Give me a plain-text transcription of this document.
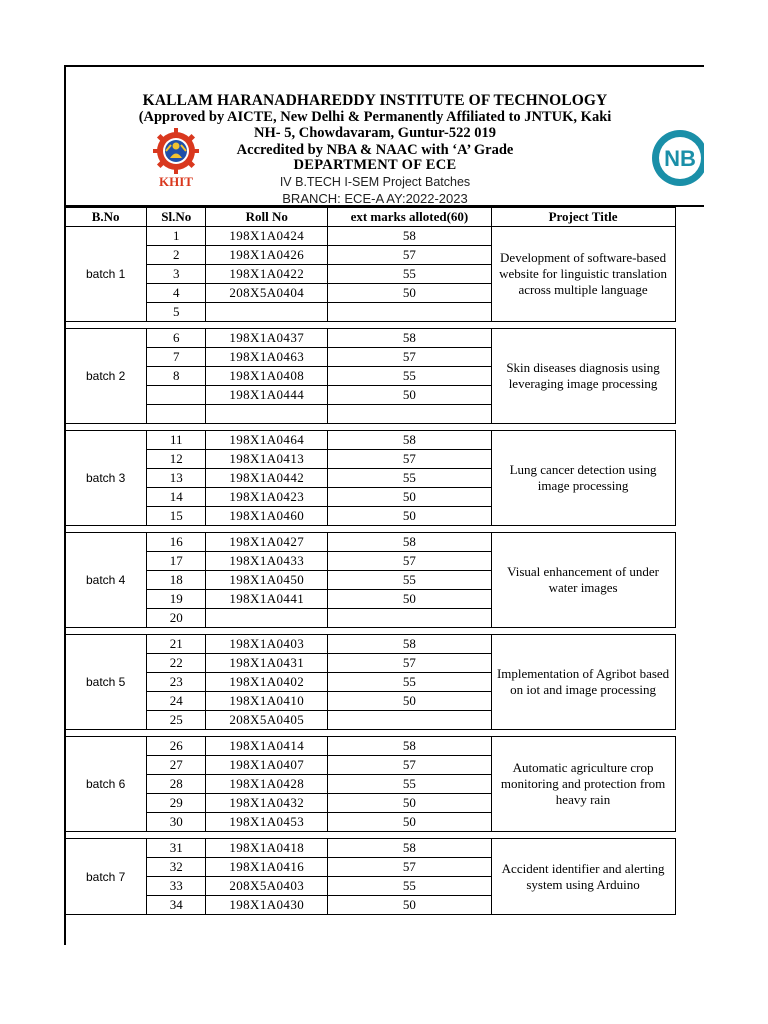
KALLAM HARANADHAREDDY INSTITUTE OF TECHNOLOGY
(Approved by AICTE, New Delhi & Permanently Affiliated to JNTUK, Kaki
NH- 5, Chowdavaram, Guntur-522 019
Accredited by NBA & NAAC with ‘A’ Grade
DEPARTMENT OF ECE
IV B.TECH I-SEM Project Batches
BRANCH: ECE-A AY:2022-2023
KHIT
NB
B.No	Sl.No	Roll No	ext marks alloted(60)	Project Title	
batch 1	1	198X1A0424	58	Development of software-based website for linguistic translation across multiple language	
	2	198X1A0426	57		
	3	198X1A0422	55		
	4	208X5A0404	50		
	5				

batch 2	6	198X1A0437	58	Skin diseases diagnosis using leveraging image processing	
	7	198X1A0463	57		
	8	198X1A0408	55		
		198X1A0444	50		

batch 3	11	198X1A0464	58	Lung cancer detection using image processing	
	12	198X1A0413	57		
	13	198X1A0442	55		
	14	198X1A0423	50		
	15	198X1A0460	50		

batch 4	16	198X1A0427	58	Visual enhancement of under water images	
	17	198X1A0433	57		
	18	198X1A0450	55		
	19	198X1A0441	50		
	20				

batch 5	21	198X1A0403	58	Implementation of Agribot based on iot and image processing	
	22	198X1A0431	57		
	23	198X1A0402	55		
	24	198X1A0410	50		
	25	208X5A0405			

batch 6	26	198X1A0414	58	Automatic agriculture crop monitoring and protection from heavy rain	
	27	198X1A0407	57		
	28	198X1A0428	55		
	29	198X1A0432	50		
	30	198X1A0453	50		

batch 7	31	198X1A0418	58	Accident identifier and alerting system using Arduino	
	32	198X1A0416	57		
	33	208X5A0403	55		
	34	198X1A0430	50		
